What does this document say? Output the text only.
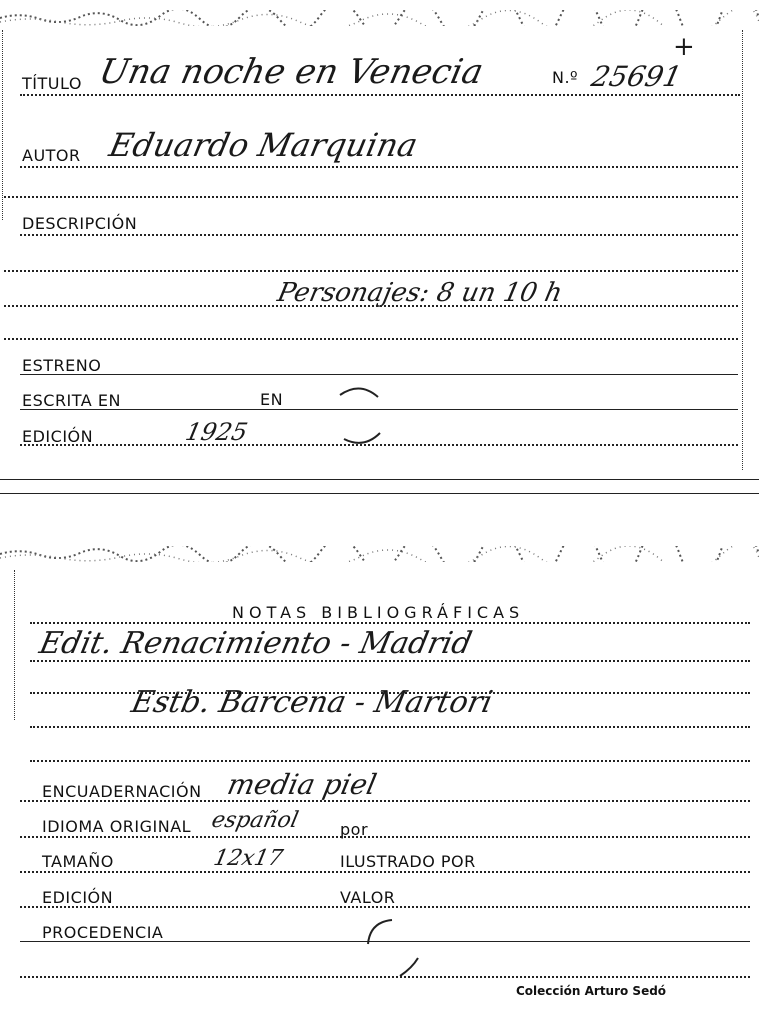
TÍTULO Una noche en Venecia	N.º 25691
+
AUTOR Eduardo Marquina
DESCRIPCIÓN
Personajes: 8 un 10 h
ESTRENO
ESCRITA EN	EN
EDICIÓN	1925
NOTAS BIBLIOGRÁFICAS
Edit. Renacimiento - Madrid
Estb. Barcena - Martori
ENCUADERNACIÓN media piel
IDIOMA ORIGINAL español por
TAMAÑO	12x17	ILUSTRADO POR
EDICIÓN	VALOR
PROCEDENCIA
Colección Arturo Sedó
